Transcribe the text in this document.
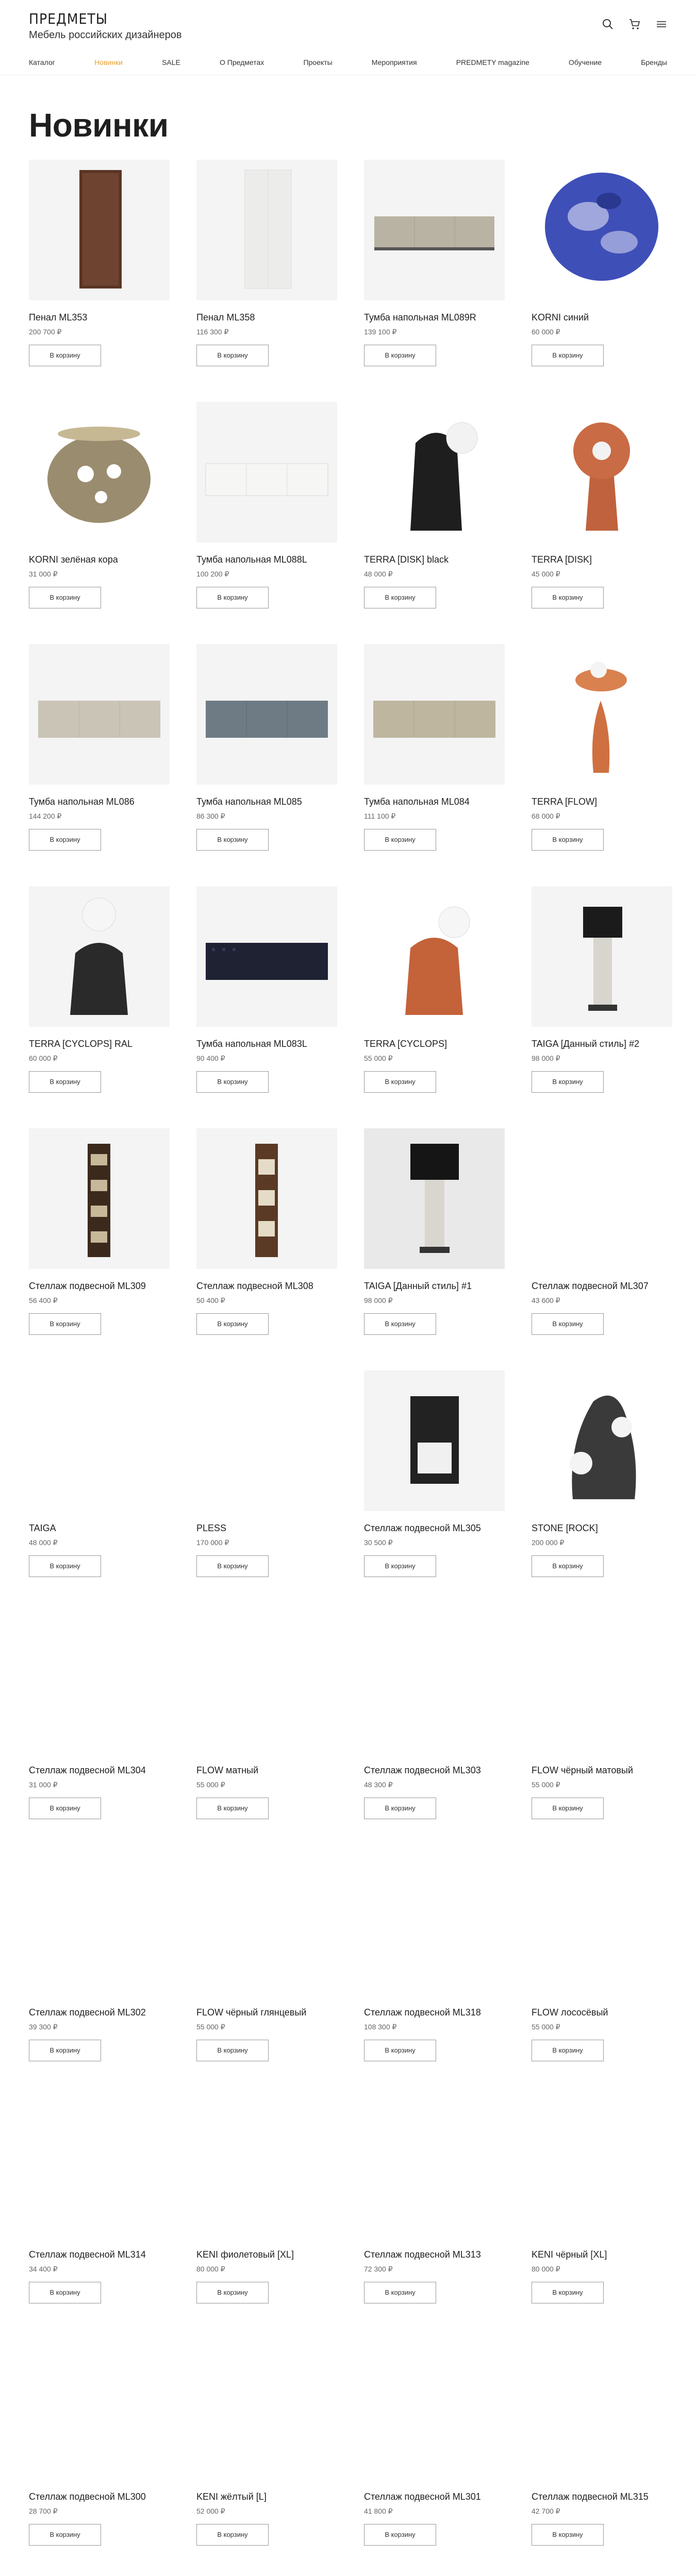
ПРЕДМЕТЫ
Мебель российских дизайнеров
Каталог	Новинки	SALE	О Предметах	Проекты	Мероприятия	PREDMETY magazine	Обучение	Бренды
Новинки
Пенал ML353
200 700 ₽
В корзину
Пенал ML358
116 300 ₽
В корзину
Тумба напольная ML089R
139 100 ₽
В корзину
KORNI синий
60 000 ₽
В корзину
KORNI зелёная кора
31 000 ₽
В корзину
Тумба напольная ML088L
100 200 ₽
В корзину
TERRA [DISK] black
48 000 ₽
В корзину
TERRA [DISK]
45 000 ₽
В корзину
Тумба напольная ML086
144 200 ₽
В корзину
Тумба напольная ML085
86 300 ₽
В корзину
Тумба напольная ML084
111 100 ₽
В корзину
TERRA [FLOW]
68 000 ₽
В корзину
TERRA [CYCLOPS] RAL
60 000 ₽
В корзину
Тумба напольная ML083L
90 400 ₽
В корзину
TERRA [CYCLOPS]
55 000 ₽
В корзину
TAIGA [Данный стиль] #2
98 000 ₽
В корзину
Стеллаж подвесной ML309
56 400 ₽
В корзину
Стеллаж подвесной ML308
50 400 ₽
В корзину
TAIGA [Данный стиль] #1
98 000 ₽
В корзину
Стеллаж подвесной ML307
43 600 ₽
В корзину
TAIGA
48 000 ₽
В корзину
PLESS
170 000 ₽
В корзину
Стеллаж подвесной ML305
30 500 ₽
В корзину
STONE [ROCK]
200 000 ₽
В корзину
Стеллаж подвесной ML304
31 000 ₽
В корзину
FLOW матный
55 000 ₽
В корзину
Стеллаж подвесной ML303
48 300 ₽
В корзину
FLOW чёрный матовый
55 000 ₽
В корзину
Стеллаж подвесной ML302
39 300 ₽
В корзину
FLOW чёрный глянцевый
55 000 ₽
В корзину
Стеллаж подвесной ML318
108 300 ₽
В корзину
FLOW лососёвый
55 000 ₽
В корзину
Стеллаж подвесной ML314
34 400 ₽
В корзину
KENI фиолетовый [XL]
80 000 ₽
В корзину
Стеллаж подвесной ML313
72 300 ₽
В корзину
KENI чёрный [XL]
80 000 ₽
В корзину
Стеллаж подвесной ML300
28 700 ₽
В корзину
KENI жёлтый [L]
52 000 ₽
В корзину
Стеллаж подвесной ML301
41 800 ₽
В корзину
Стеллаж подвесной ML315
42 700 ₽
В корзину
